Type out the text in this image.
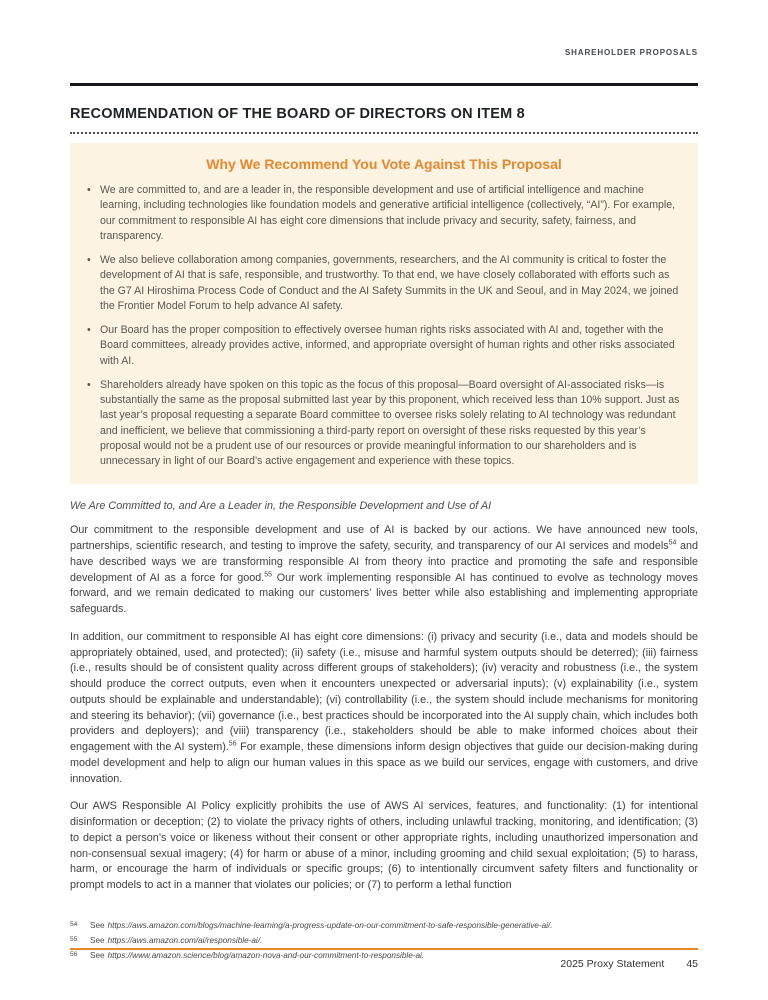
SHAREHOLDER PROPOSALS
RECOMMENDATION OF THE BOARD OF DIRECTORS ON ITEM 8
Why We Recommend You Vote Against This Proposal
•
We are committed to, and are a leader in, the responsible development and use of artificial intelligence and machine learning, including technologies like foundation models and generative artificial intelligence (collectively, “AI”). For example, our commitment to responsible AI has eight core dimensions that include privacy and security, safety, fairness, and transparency.
•
We also believe collaboration among companies, governments, researchers, and the AI community is critical to foster the development of AI that is safe, responsible, and trustworthy. To that end, we have closely collaborated with efforts such as the G7 AI Hiroshima Process Code of Conduct and the AI Safety Summits in the UK and Seoul, and in May 2024, we joined the Frontier Model Forum to help advance AI safety.
•
Our Board has the proper composition to effectively oversee human rights risks associated with AI and, together with the Board committees, already provides active, informed, and appropriate oversight of human rights and other risks associated with AI.
•
Shareholders already have spoken on this topic as the focus of this proposal—Board oversight of AI-associated risks—is substantially the same as the proposal submitted last year by this proponent, which received less than 10% support. Just as last year’s proposal requesting a separate Board committee to oversee risks solely relating to AI technology was redundant and inefficient, we believe that commissioning a third-party report on oversight of these risks requested by this year’s proposal would not be a prudent use of our resources or provide meaningful information to our shareholders and is unnecessary in light of our Board’s active engagement and experience with these topics.
We Are Committed to, and Are a Leader in, the Responsible Development and Use of AI

Our commitment to the responsible development and use of AI is backed by our actions. We have announced new tools, partnerships, scientific research, and testing to improve the safety, security, and transparency of our AI services and models$^{54}$ and have described ways we are transforming responsible AI from theory into practice and promoting the safe and responsible development of AI as a force for good.$^{55}$ Our work implementing responsible AI has continued to evolve as technology moves forward, and we remain dedicated to making our customers’ lives better while also establishing and implementing appropriate safeguards.

In addition, our commitment to responsible AI has eight core dimensions: (i) privacy and security (i.e., data and models should be appropriately obtained, used, and protected); (ii) safety (i.e., misuse and harmful system outputs should be deterred); (iii) fairness (i.e., results should be of consistent quality across different groups of stakeholders); (iv) veracity and robustness (i.e., the system should produce the correct outputs, even when it encounters unexpected or adversarial inputs); (v) explainability (i.e., system outputs should be explainable and understandable); (vi) controllability (i.e., the system should include mechanisms for monitoring and steering its behavior); (vii) governance (i.e., best practices should be incorporated into the AI supply chain, which includes both providers and deployers); and (viii) transparency (i.e., stakeholders should be able to make informed choices about their engagement with the AI system).$^{56}$ For example, these dimensions inform design objectives that guide our decision-making during model development and help to align our human values in this space as we build our services, engage with customers, and drive innovation.

Our AWS Responsible AI Policy explicitly prohibits the use of AWS AI services, features, and functionality: (1) for intentional disinformation or deception; (2) to violate the privacy rights of others, including unlawful tracking, monitoring, and identification; (3) to depict a person’s voice or likeness without their consent or other appropriate rights, including unauthorized impersonation and non-consensual sexual imagery; (4) for harm or abuse of a minor, including grooming and child sexual exploitation; (5) to harass, harm, or encourage the harm of individuals or specific groups; (6) to intentionally circumvent safety filters and functionality or prompt models to act in a manner that violates our policies; or (7) to perform a lethal function

54	See https://aws.amazon.com/blogs/machine-learning/a-progress-update-on-our-commitment-to-safe-responsible-generative-ai/.
55	See https://aws.amazon.com/ai/responsible-ai/.
56	See https://www.amazon.science/blog/amazon-nova-and-our-commitment-to-responsible-ai.
2025 Proxy Statement 45
